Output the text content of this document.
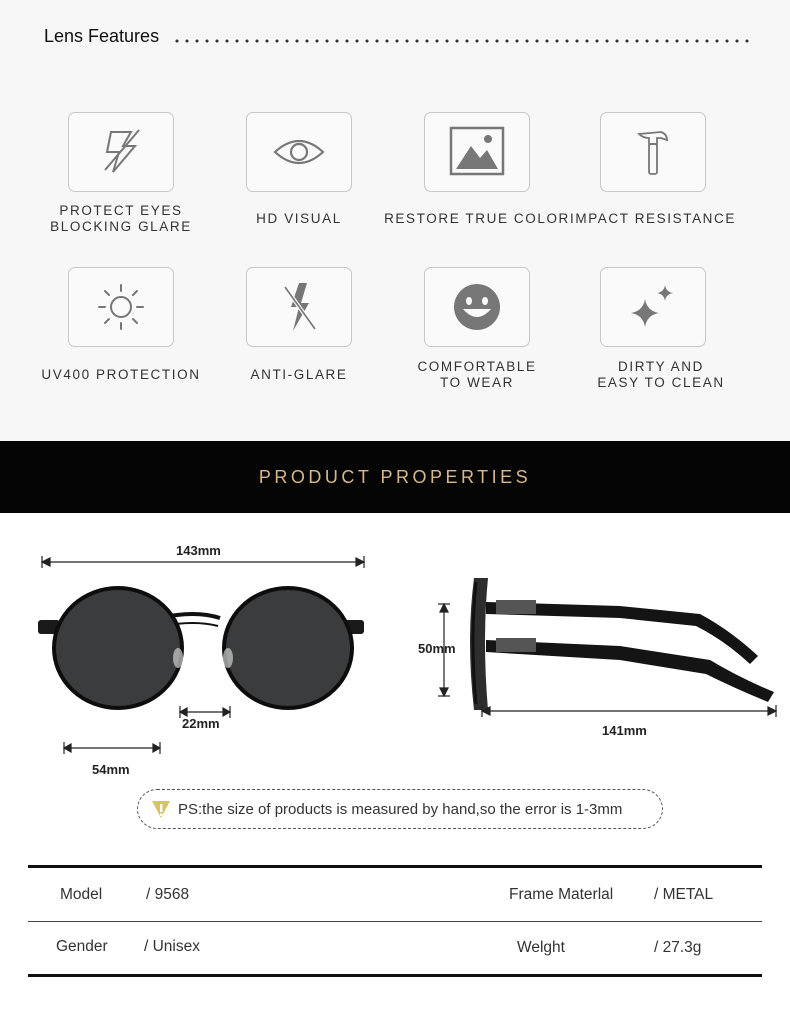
Lens Features
PROTECT EYES
BLOCKING GLARE
HD VISUAL	RESTORE TRUE COLOR IMPACT RESISTANCE
UV400 PROTECTION	ANTI-GLARE
COMFORTABLE
TO WEAR
DIRTY AND
EASY TO CLEAN
PRODUCT PROPERTIES
143mm
22mm
54mm
50mm
141mm
PS:the size of products is measured by hand,so the error is 1-3mm
Model	/ 9568	Frame Materlal	/ METAL
Gender / Unisex	Welght	/ 27.3g
